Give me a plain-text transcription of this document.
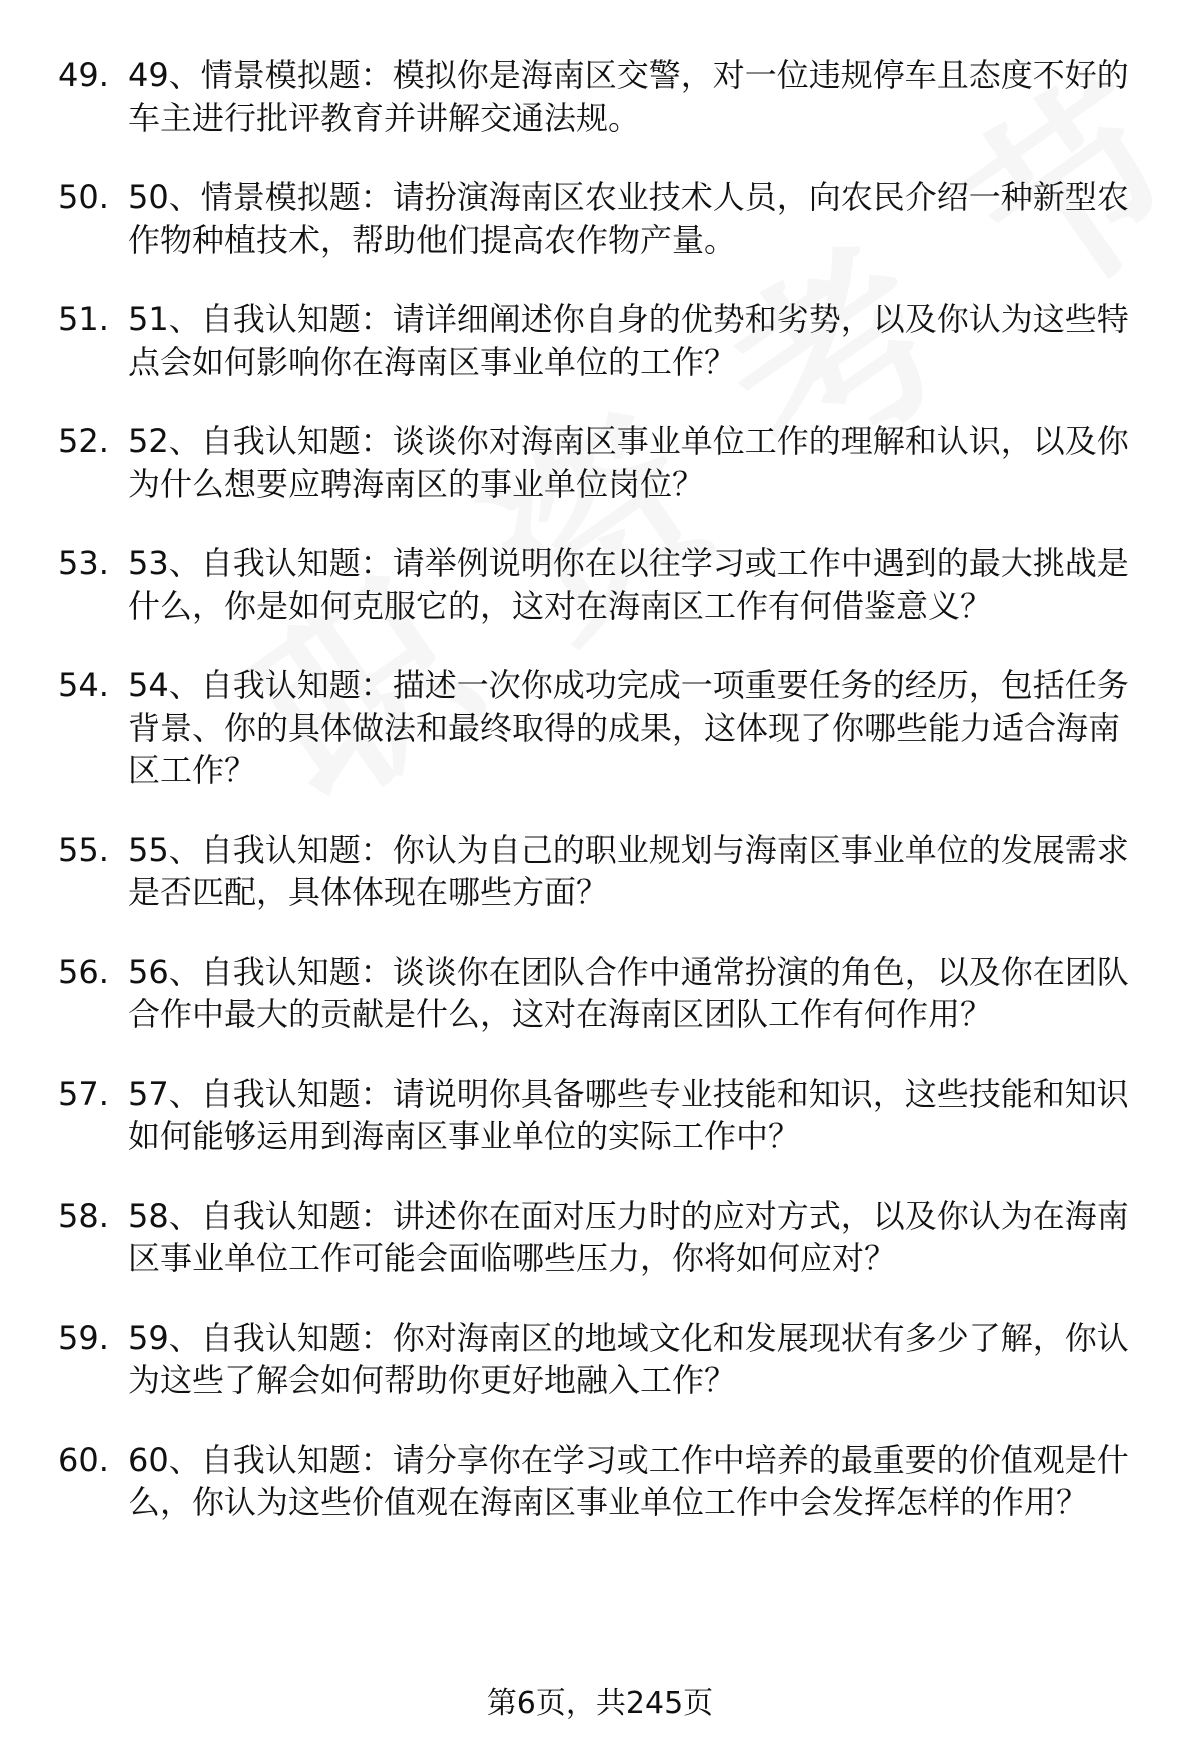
49. 49、情景模拟题：模拟你是海南区交警，对一位违规停车且态度不好的车主进行批评教育并讲解交通法规。
50. 50、情景模拟题：请扮演海南区农业技术人员，向农民介绍一种新型农作物种植技术，帮助他们提高农作物产量。
51. 51、自我认知题：请详细阐述你自身的优势和劣势，以及你认为这些特点会如何影响你在海南区事业单位的工作？
52. 52、自我认知题：谈谈你对海南区事业单位工作的理解和认识，以及你为什么想要应聘海南区的事业单位岗位？
53. 53、自我认知题：请举例说明你在以往学习或工作中遇到的最大挑战是什么，你是如何克服它的，这对在海南区工作有何借鉴意义？
54. 54、自我认知题：描述一次你成功完成一项重要任务的经历，包括任务背景、你的具体做法和最终取得的成果，这体现了你哪些能力适合海南区工作？
55. 55、自我认知题：你认为自己的职业规划与海南区事业单位的发展需求是否匹配，具体体现在哪些方面？
56. 56、自我认知题：谈谈你在团队合作中通常扮演的角色，以及你在团队合作中最大的贡献是什么，这对在海南区团队工作有何作用？
57. 57、自我认知题：请说明你具备哪些专业技能和知识，这些技能和知识如何能够运用到海南区事业单位的实际工作中？
58. 58、自我认知题：讲述你在面对压力时的应对方式，以及你认为在海南区事业单位工作可能会面临哪些压力，你将如何应对？
59. 59、自我认知题：你对海南区的地域文化和发展现状有多少了解，你认为这些了解会如何帮助你更好地融入工作？
60. 60、自我认知题：请分享你在学习或工作中培养的最重要的价值观是什么，你认为这些价值观在海南区事业单位工作中会发挥怎样的作用？
第6页，共245页
